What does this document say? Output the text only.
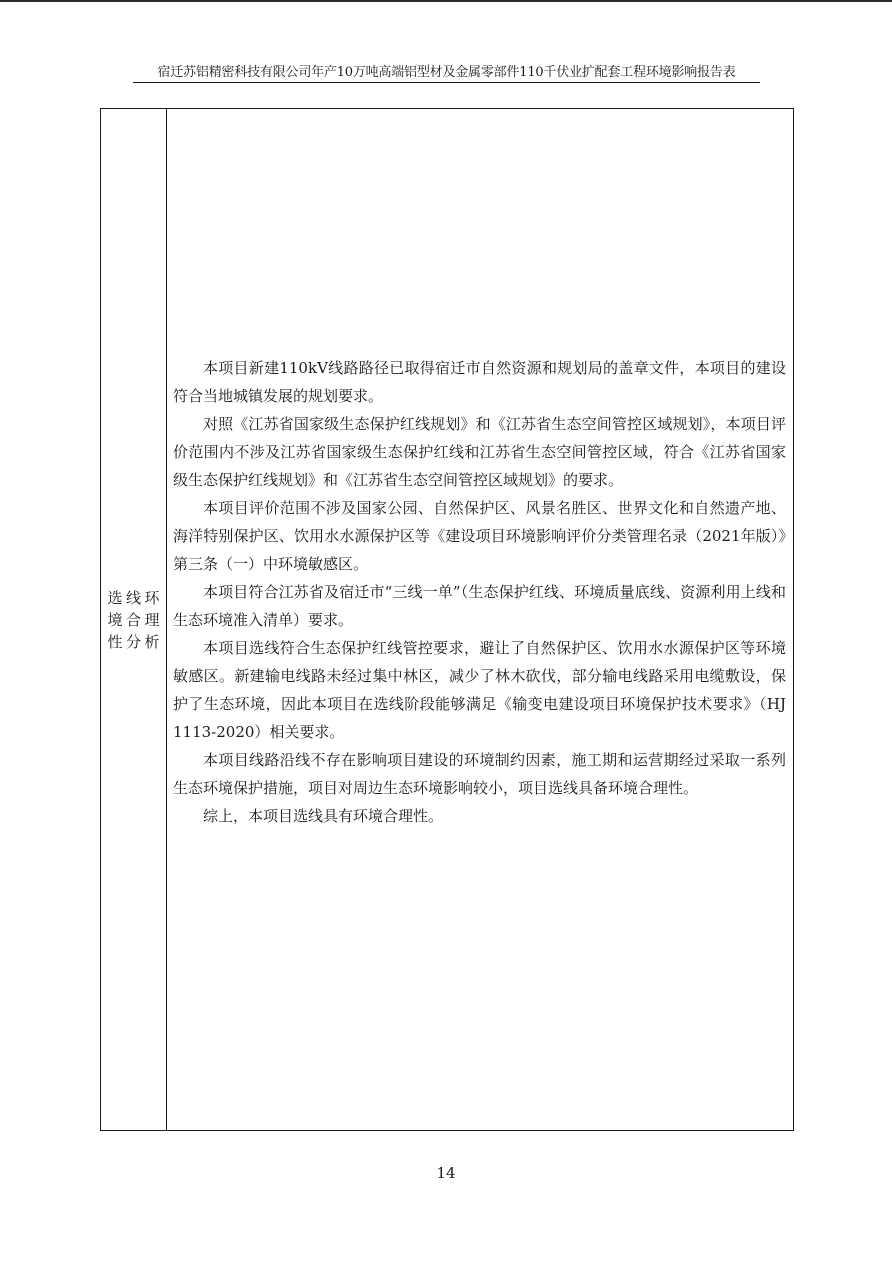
宿迁苏铝精密科技有限公司年产10万吨高端铝型材及金属零部件110千伏业扩配套工程环境影响报告表
选线环境合理性分析

本项目新建110kV线路路径已取得宿迁市自然资源和规划局的盖章文件，本项目的建设符合当地城镇发展的规划要求。

对照《江苏省国家级生态保护红线规划》和《江苏省生态空间管控区域规划》，本项目评价范围内不涉及江苏省国家级生态保护红线和江苏省生态空间管控区域，符合《江苏省国家级生态保护红线规划》和《江苏省生态空间管控区域规划》的要求。

本项目评价范围不涉及国家公园、自然保护区、风景名胜区、世界文化和自然遗产地、海洋特别保护区、饮用水水源保护区等《建设项目环境影响评价分类管理名录（2021年版）》第三条（一）中环境敏感区。

本项目符合江苏省及宿迁市“三线一单”（生态保护红线、环境质量底线、资源利用上线和生态环境准入清单）要求。

本项目选线符合生态保护红线管控要求，避让了自然保护区、饮用水水源保护区等环境敏感区。新建输电线路未经过集中林区，减少了林木砍伐，部分输电线路采用电缆敷设，保护了生态环境，因此本项目在选线阶段能够满足《输变电建设项目环境保护技术要求》（HJ 1113-2020）相关要求。

本项目线路沿线不存在影响项目建设的环境制约因素，施工期和运营期经过采取一系列生态环境保护措施，项目对周边生态环境影响较小，项目选线具备环境合理性。

综上，本项目选线具有环境合理性。

14
